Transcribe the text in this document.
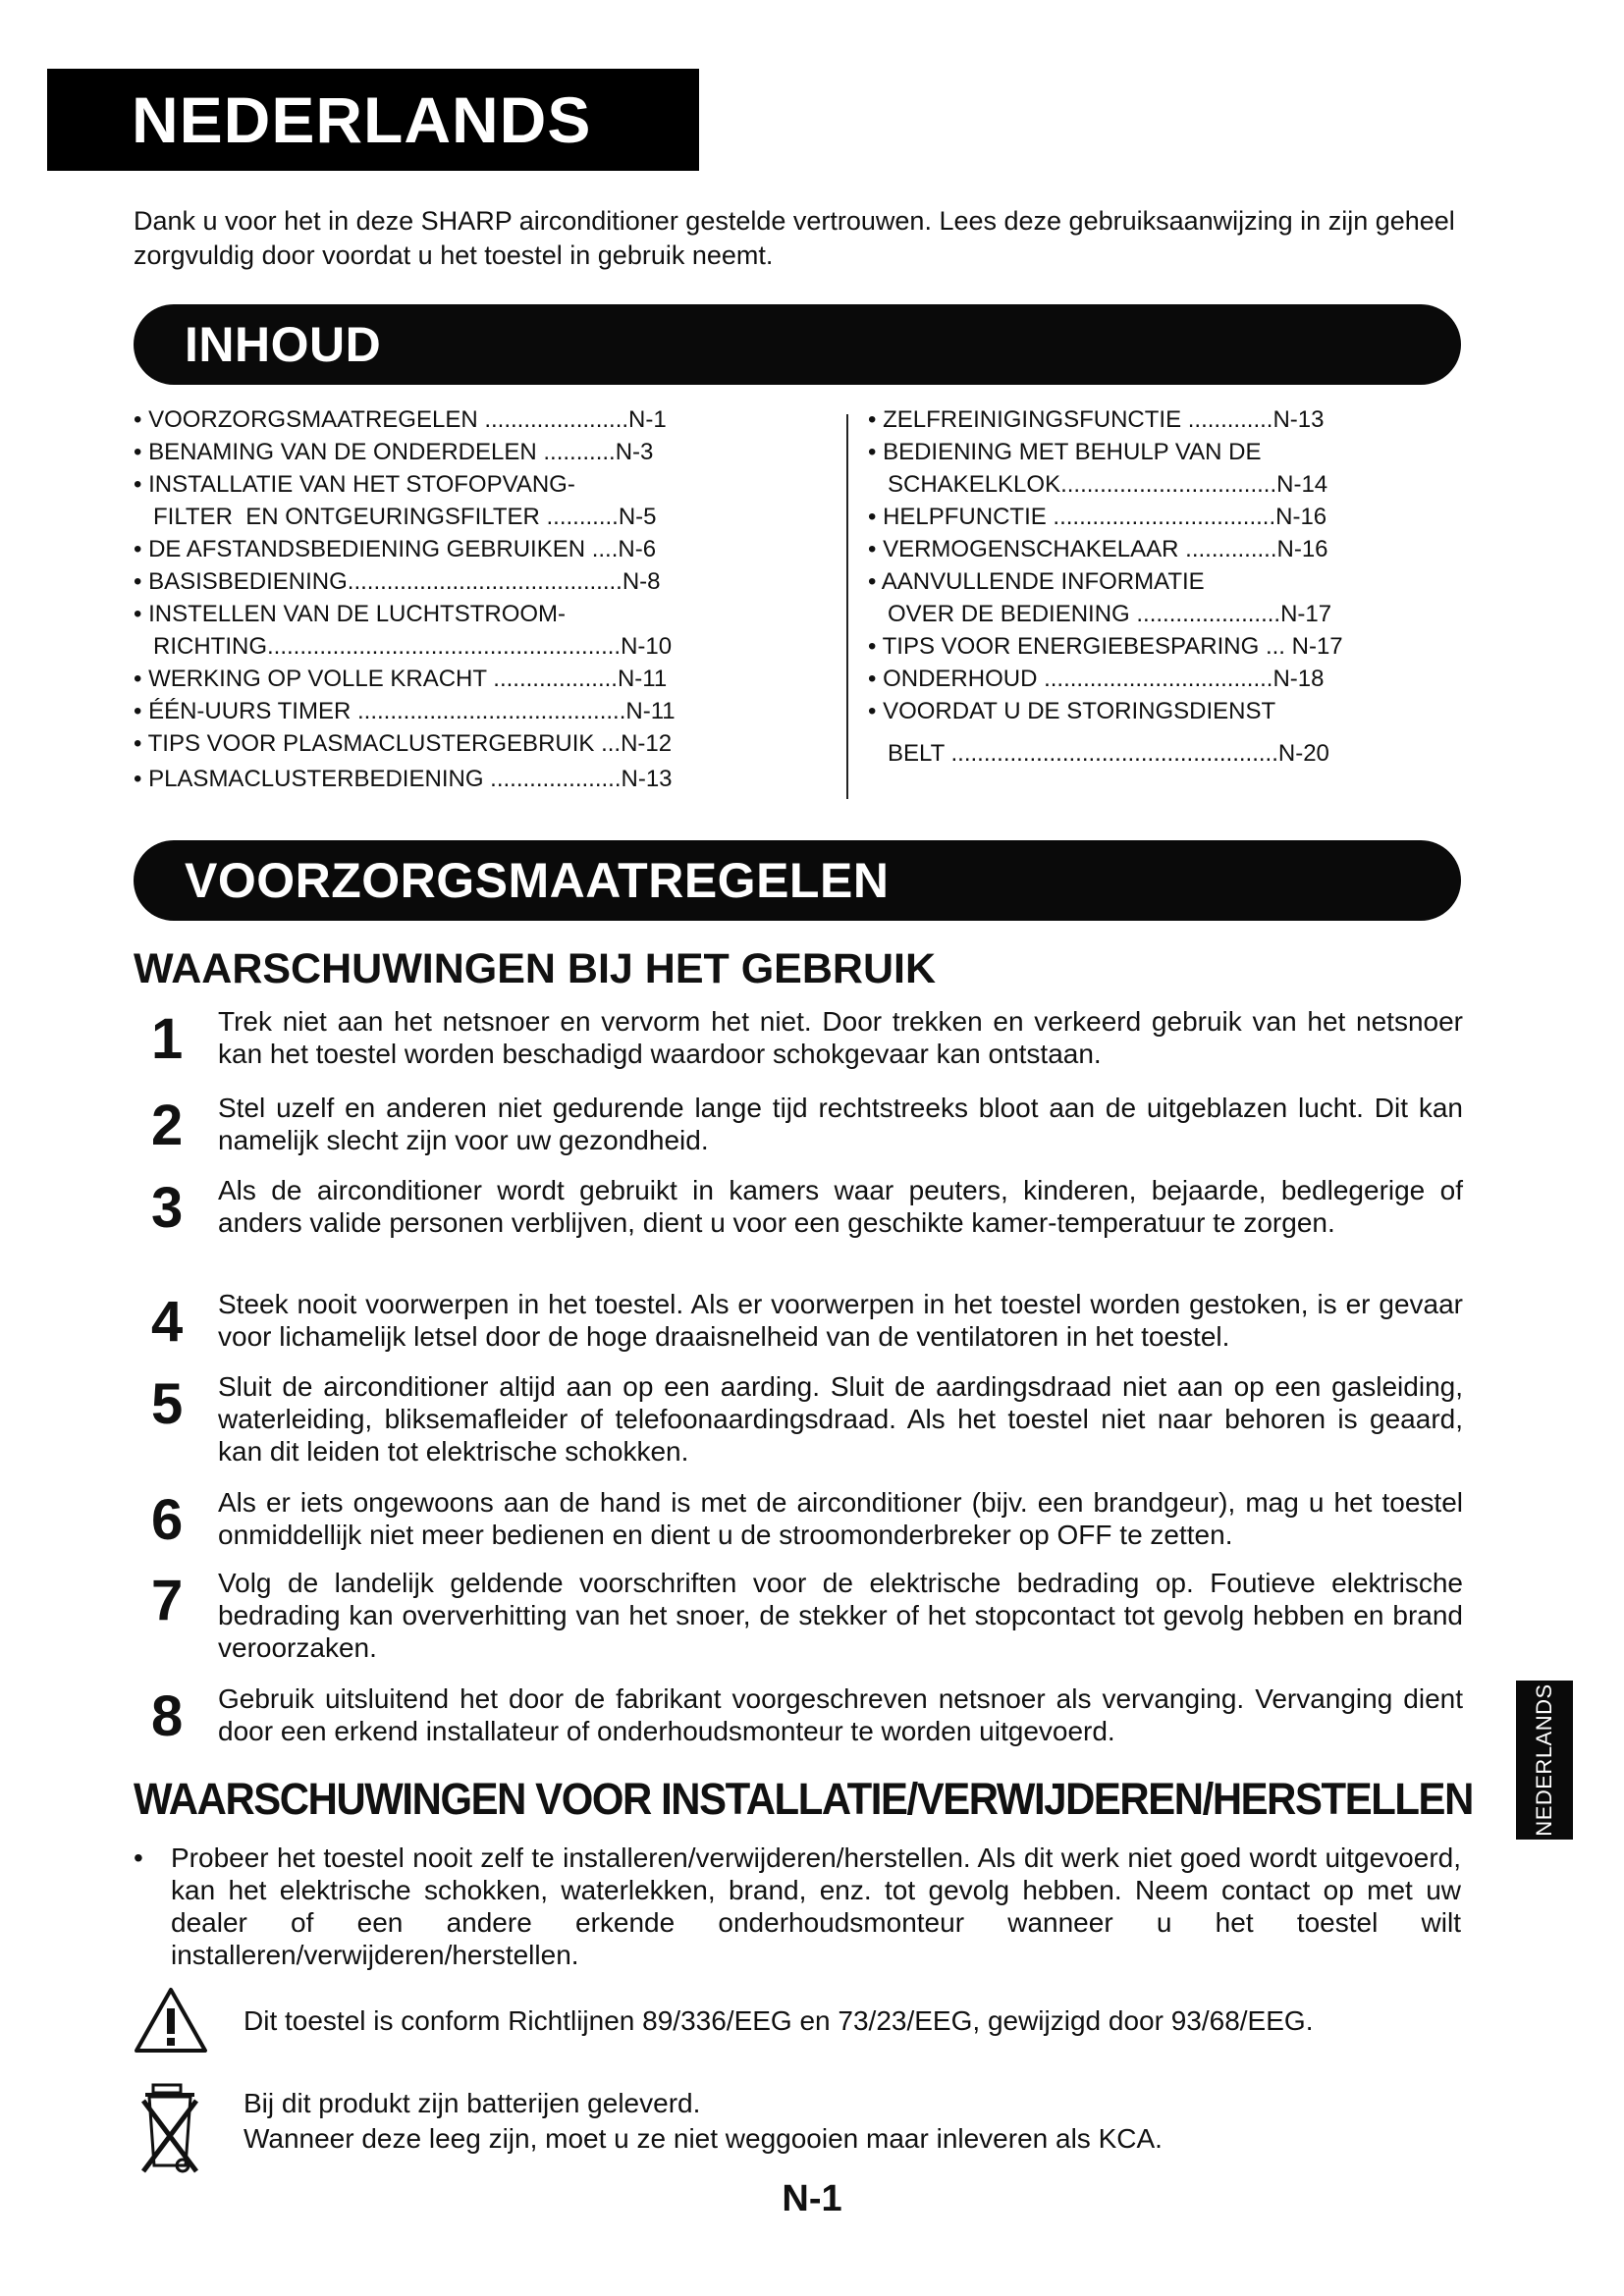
NEDERLANDS
Dank u voor het in deze SHARP airconditioner gestelde vertrouwen. Lees deze gebruiksaanwijzing in zijn geheel zorgvuldig door voordat u het toestel in gebruik neemt.
INHOUD
• VOORZORGSMAATREGELEN ......................N-1
• BENAMING VAN DE ONDERDELEN ...........N-3
• INSTALLATIE VAN HET STOFOPVANG-
FILTER  EN ONTGEURINGSFILTER ...........N-5
• DE AFSTANDSBEDIENING GEBRUIKEN ....N-6
• BASISBEDIENING..........................................N-8
• INSTELLEN VAN DE LUCHTSTROOM-
RICHTING......................................................N-10
• WERKING OP VOLLE KRACHT ...................N-11
• ÉÉN-UURS TIMER .........................................N-11
• TIPS VOOR PLASMACLUSTERGEBRUIK ...N-12
• PLASMACLUSTERBEDIENING ....................N-13
• ZELFREINIGINGSFUNCTIE .............N-13
• BEDIENING MET BEHULP VAN DE
SCHAKELKLOK.................................N-14
• HELPFUNCTIE ..................................N-16
• VERMOGENSCHAKELAAR ..............N-16
• AANVULLENDE INFORMATIE
OVER DE BEDIENING ......................N-17
• TIPS VOOR ENERGIEBESPARING ... N-17
• ONDERHOUD ...................................N-18
• VOORDAT U DE STORINGSDIENST
BELT ..................................................N-20
VOORZORGSMAATREGELEN
WAARSCHUWINGEN BIJ HET GEBRUIK
1 Trek niet aan het netsnoer en vervorm het niet. Door trekken en verkeerd gebruik van het netsnoer kan het toestel worden beschadigd waardoor schokgevaar kan ontstaan.
2 Stel uzelf en anderen niet gedurende lange tijd rechtstreeks bloot aan de uitgeblazen lucht. Dit kan namelijk slecht zijn voor uw gezondheid.
3 Als de airconditioner wordt gebruikt in kamers waar peuters, kinderen, bejaarde, bedlegerige of anders valide personen verblijven, dient u voor een geschikte kamer-temperatuur te zorgen.
4 Steek nooit voorwerpen in het toestel. Als er voorwerpen in het toestel worden gestoken, is er gevaar voor lichamelijk letsel door de hoge draaisnelheid van de ventilatoren in het toestel.
5 Sluit de airconditioner altijd aan op een aarding. Sluit de aardingsdraad niet aan op een gasleiding, waterleiding, bliksemafleider of telefoonaardingsdraad. Als het toestel niet naar behoren is geaard, kan dit leiden tot elektrische schokken.
6 Als er iets ongewoons aan de hand is met de airconditioner (bijv. een brandgeur), mag u het toestel onmiddellijk niet meer bedienen en dient u de stroomonderbreker op OFF te zetten.
7 Volg de landelijk geldende voorschriften voor de elektrische bedrading op. Foutieve elektrische bedrading kan oververhitting van het snoer, de stekker of het stopcontact tot gevolg hebben en brand veroorzaken.
8 Gebruik uitsluitend het door de fabrikant voorgeschreven netsnoer als vervanging. Vervanging dient door een erkend installateur of onderhoudsmonteur te worden uitgevoerd.
WAARSCHUWINGEN VOOR INSTALLATIE/VERWIJDEREN/HERSTELLEN
• Probeer het toestel nooit zelf te installeren/verwijderen/herstellen. Als dit werk niet goed wordt uitgevoerd, kan het elektrische schokken, waterlekken, brand, enz. tot gevolg hebben. Neem contact op met uw dealer of een andere erkende onderhoudsmonteur wanneer u het toestel wilt installeren/verwijderen/herstellen.
Dit toestel is conform Richtlijnen 89/336/EEG en 73/23/EEG, gewijzigd door 93/68/EEG.
Bij dit produkt zijn batterijen geleverd.
Wanneer deze leeg zijn, moet u ze niet weggooien maar inleveren als KCA.
NEDERLANDS
N-1
